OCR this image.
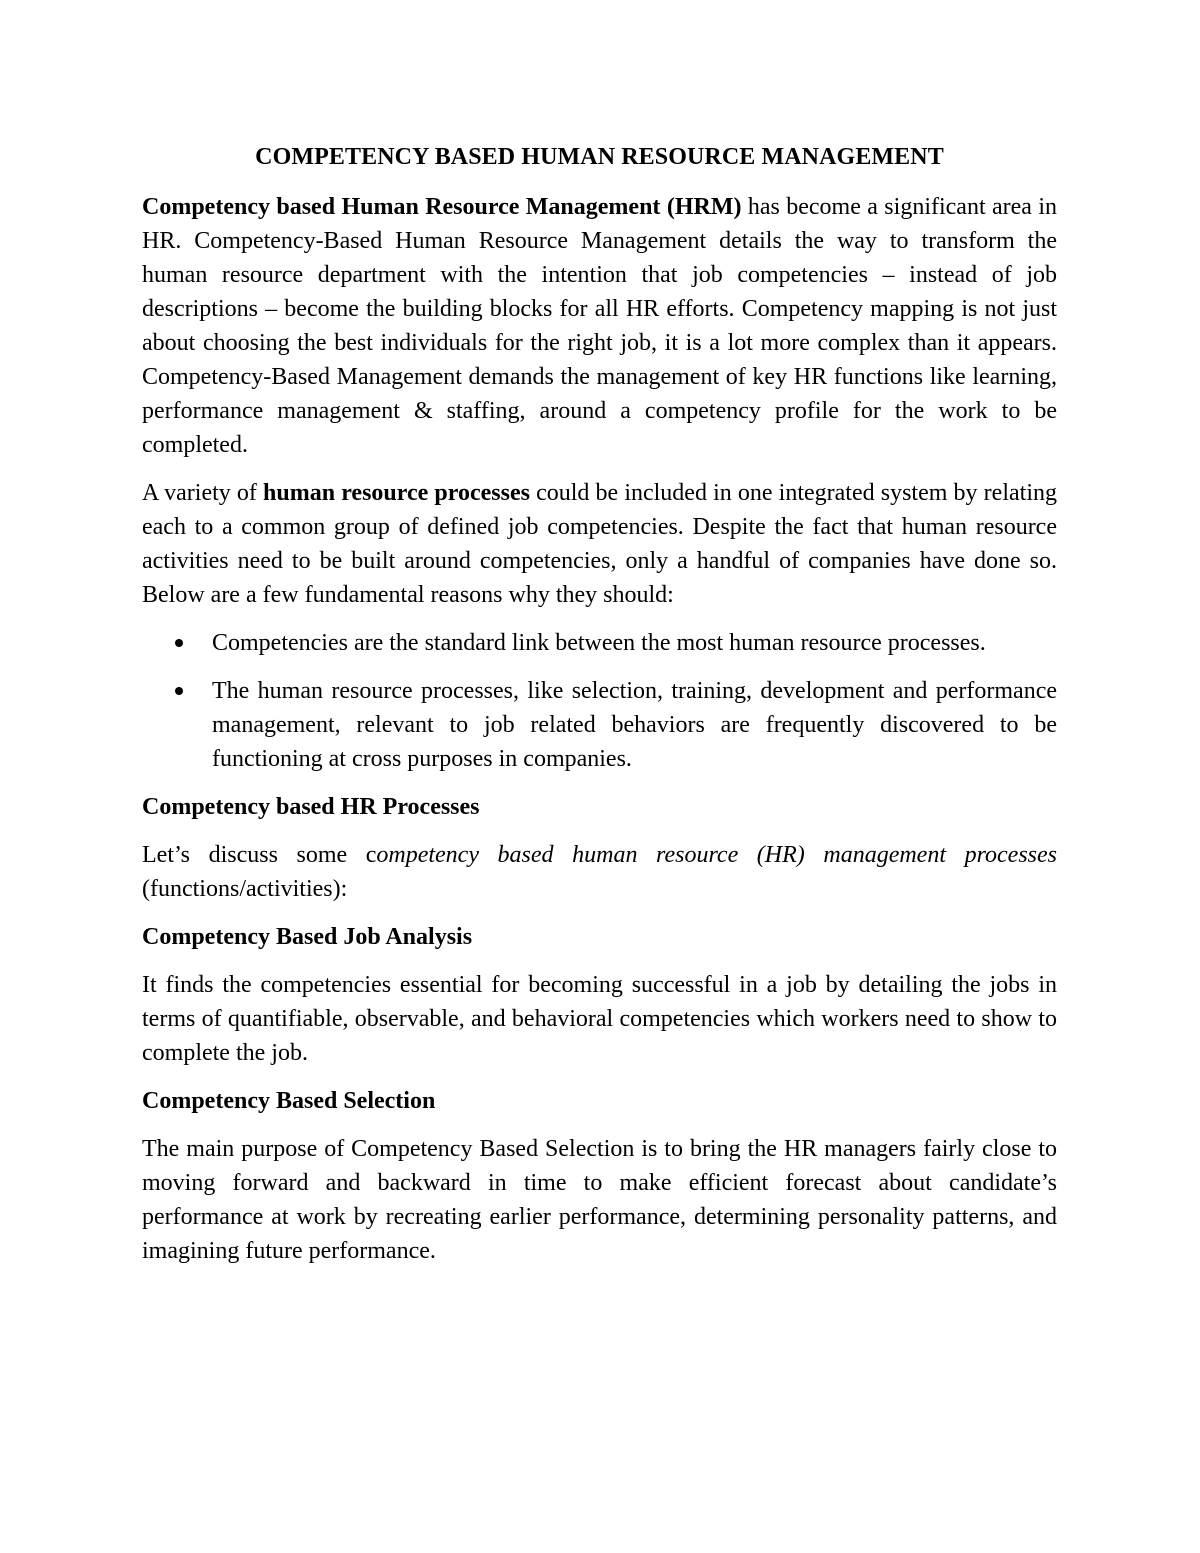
COMPETENCY BASED HUMAN RESOURCE MANAGEMENT

Competency based Human Resource Management (HRM) has become a significant area in HR. Competency-Based Human Resource Management details the way to transform the human resource department with the intention that job competencies – instead of job descriptions – become the building blocks for all HR efforts. Competency mapping is not just about choosing the best individuals for the right job, it is a lot more complex than it appears. Competency-Based Management demands the management of key HR functions like learning, performance management & staffing, around a competency profile for the work to be completed.

A variety of human resource processes could be included in one integrated system by relating each to a common group of defined job competencies. Despite the fact that human resource activities need to be built around competencies, only a handful of companies have done so. Below are a few fundamental reasons why they should:

Competencies are the standard link between the most human resource processes.
The human resource processes, like selection, training, development and performance management, relevant to job related behaviors are frequently discovered to be functioning at cross purposes in companies.
Competency based HR Processes

Let’s discuss some competency based human resource (HR) management processes (functions/activities):

Competency Based Job Analysis

It finds the competencies essential for becoming successful in a job by detailing the jobs in terms of quantifiable, observable, and behavioral competencies which workers need to show to complete the job.

Competency Based Selection

The main purpose of Competency Based Selection is to bring the HR managers fairly close to moving forward and backward in time to make efficient forecast about candidate’s performance at work by recreating earlier performance, determining personality patterns, and imagining future performance.
